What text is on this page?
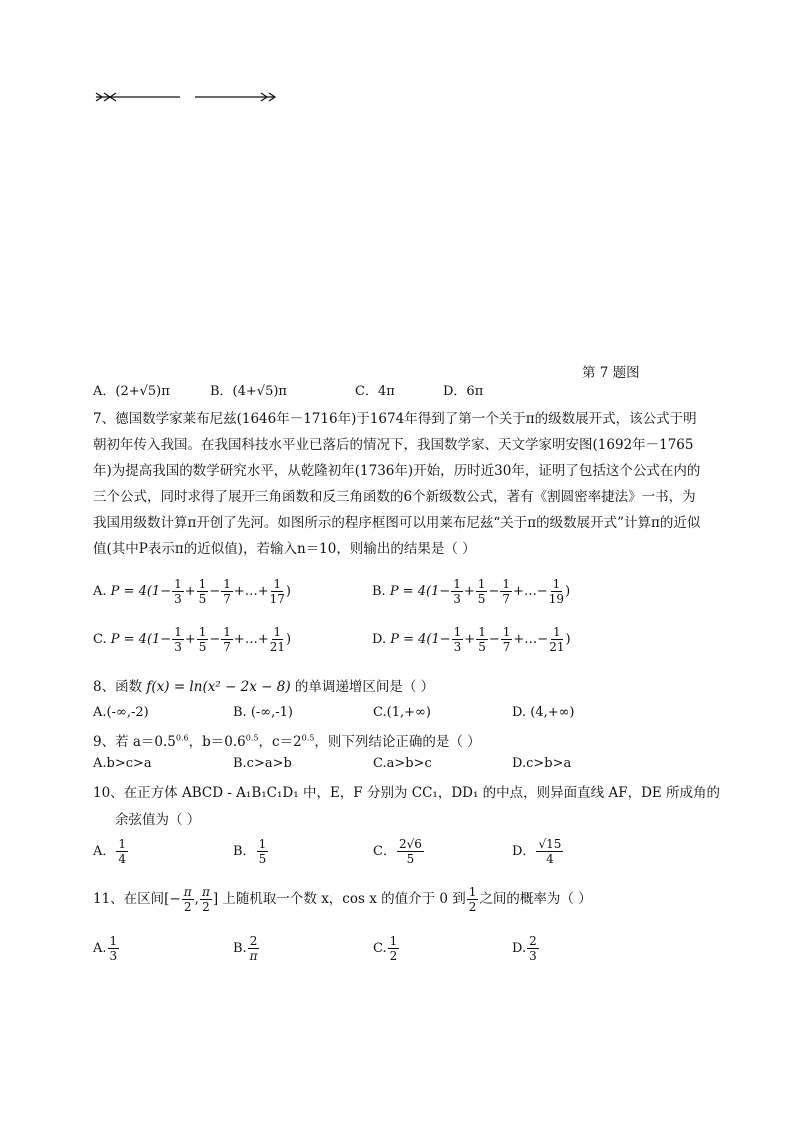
第 7 题图
A．(2+√5)π	B．(4+√5)π	C．4π	D．6π
7、德国数学家莱布尼兹(1646年－1716年)于1674年得到了第一个关于π的级数展开式，该公式于明朝初年传入我国。在我国科技水平业已落后的情况下，我国数学家、天文学家明安图(1692年－1765年)为提高我国的数学研究水平，从乾隆初年(1736年)开始，历时近30年，证明了包括这个公式在内的三个公式，同时求得了展开三角函数和反三角函数的6个新级数公式，著有《割圆密率捷法》一书，为我国用级数计算π开创了先河。如图所示的程序框图可以用莱布尼兹“关于π的级数展开式”计算π的近似值(其中P表示π的近似值)，若输入n＝10，则输出的结果是（ ）
A. $P = 4(1- \frac{1}{3} + \frac{1}{5} - \frac{1}{7}$ +…+ $\frac{1}{17}$ )	B. $P = 4(1- \frac{1}{3} + \frac{1}{5} - \frac{1}{7}$ +…− $\frac{1}{19}$ )
C. $P = 4(1- \frac{1}{3} + \frac{1}{5} - \frac{1}{7}$ +…+ $\frac{1}{21}$ )	D. $P = 4(1- \frac{1}{3} + \frac{1}{5} - \frac{1}{7}$ +…− $\frac{1}{21}$ )
8、函数 f(x) = ln(x² − 2x − 8) 的单调递增区间是（ ）
A.(-∞,-2)	B. (-∞,-1)	C.(1,+∞)	D. (4,+∞)
9、若 $a=0.5^{0.6}$，$b=0.6^{0.5}$，$c=2^{0.5}$，则下列结论正确的是（ ）
A.b>c>a	B.c>a>b	C.a>b>c	D.c>b>a
10、在正方体 ABCD - A₁B₁C₁D₁ 中，E，F 分别为 CC₁，DD₁ 的中点，则异面直线 AF，DE 所成角的
余弦值为（ ）
A． $\frac{1}{4}$	B． $\frac{1}{5}$	C． $\frac{2√6}{5}$	D． $\frac{√15}{4}$
11、在区间[− $\frac{\pi}{2}$ , $\frac{\pi}{2}$ ] 上随机取一个数 x，cos x 的值介于 0 到 $\frac{1}{2}$ 之间的概率为（ ）
A. $\frac{1}{3}$	B. $\frac{2}{\pi}$	C. $\frac{1}{2}$	D. $\frac{2}{3}$
